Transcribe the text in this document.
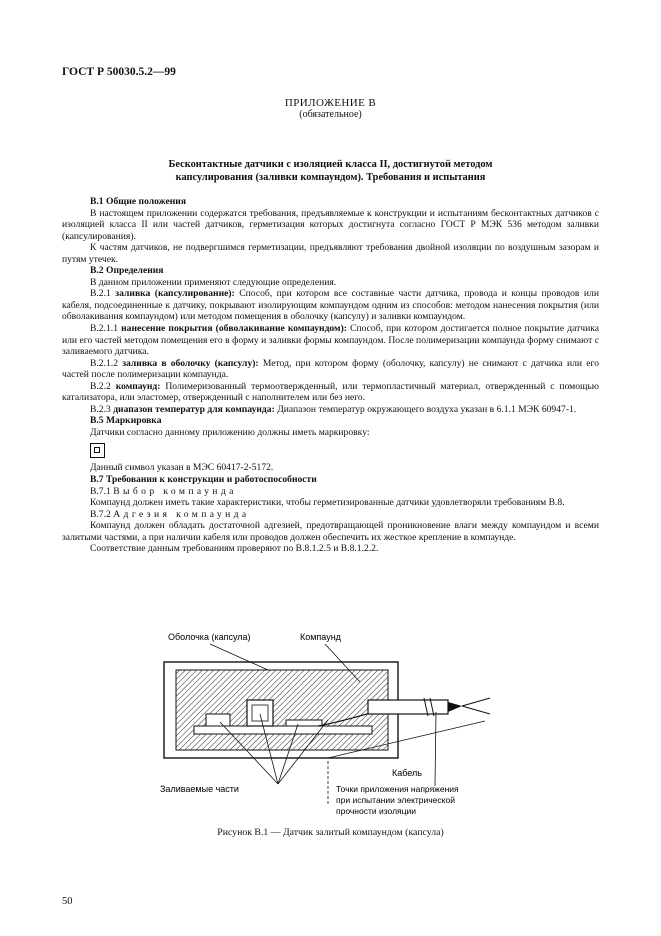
ГОСТ Р 50030.5.2—99
ПРИЛОЖЕНИЕ В
(обязательное)
Бесконтактные датчики с изоляцией класса II, достигнутой методом
капсулирования (заливки компаундом). Требования и испытания

В.1 Общие положения

В настоящем приложении содержатся требования, предъявляемые к конструкции и испытаниям бесконтактных датчиков с изоляцией класса II или частей датчиков, герметизация которых достигнута согласно ГОСТ Р МЭК 536 методом заливки (капсулирования).

К частям датчиков, не подвергшимся герметизации, предъявляют требования двойной изоляции по воздушным зазорам и путям утечек.

В.2 Определения

В данном приложении применяют следующие определения.

В.2.1 заливка (капсулирование): Способ, при котором все составные части датчика, провода и концы проводов или кабеля, подсоединенные к датчику, покрывают изолирующим компаундом одним из способов: методом нанесения покрытия (или обволакивания компаундом) или методом помещения в оболочку (капсулу) и заливки компаундом.

В.2.1.1 нанесение покрытия (обволакивание компаундом): Способ, при котором достигается полное покрытие датчика или его частей методом помещения его в форму и заливки формы компаундом. После полимеризации компаунда форму снимают с заливаемого датчика.

В.2.1.2 заливка в оболочку (капсулу): Метод, при котором форму (оболочку, капсулу) не снимают с датчика или его частей после полимеризации компаунда.

В.2.2 компаунд: Полимеризованный термоотвержденный, или термопластичный материал, отвержденный с помощью катализатора, или эластомер, отвержденный с наполнителем или без него.

В.2.3 диапазон температур для компаунда: Диапазон температур окружающего воздуха указан в 6.1.1 МЭК 60947-1.

В.5 Маркировка

Датчики согласно данному приложению должны иметь маркировку:

Данный символ указан в МЭС 60417-2-5172.

В.7 Требования к конструкции и работоспособности

В.7.1 Выбор компаунда

Компаунд должен иметь такие характеристики, чтобы герметизированные датчики удовлетворяли требованиям В.8.

В.7.2 Адгезия компаунда

Компаунд должен обладать достаточной адгезией, предотвращающей проникновение влаги между компаундом и всеми залитыми частями, а при наличии кабеля или проводов должен обеспечить их жесткое крепление в компаунде.

Соответствие данным требованиям проверяют по В.8.1.2.5 и В.8.1.2.2.

Оболочка (капсула)	Компаунд
Заливаемые части
Кабель
Точки приложения напряжения
при испытании электрической
прочности изоляции
Рисунок В.1 — Датчик залитый компаундом (капсула)
50
